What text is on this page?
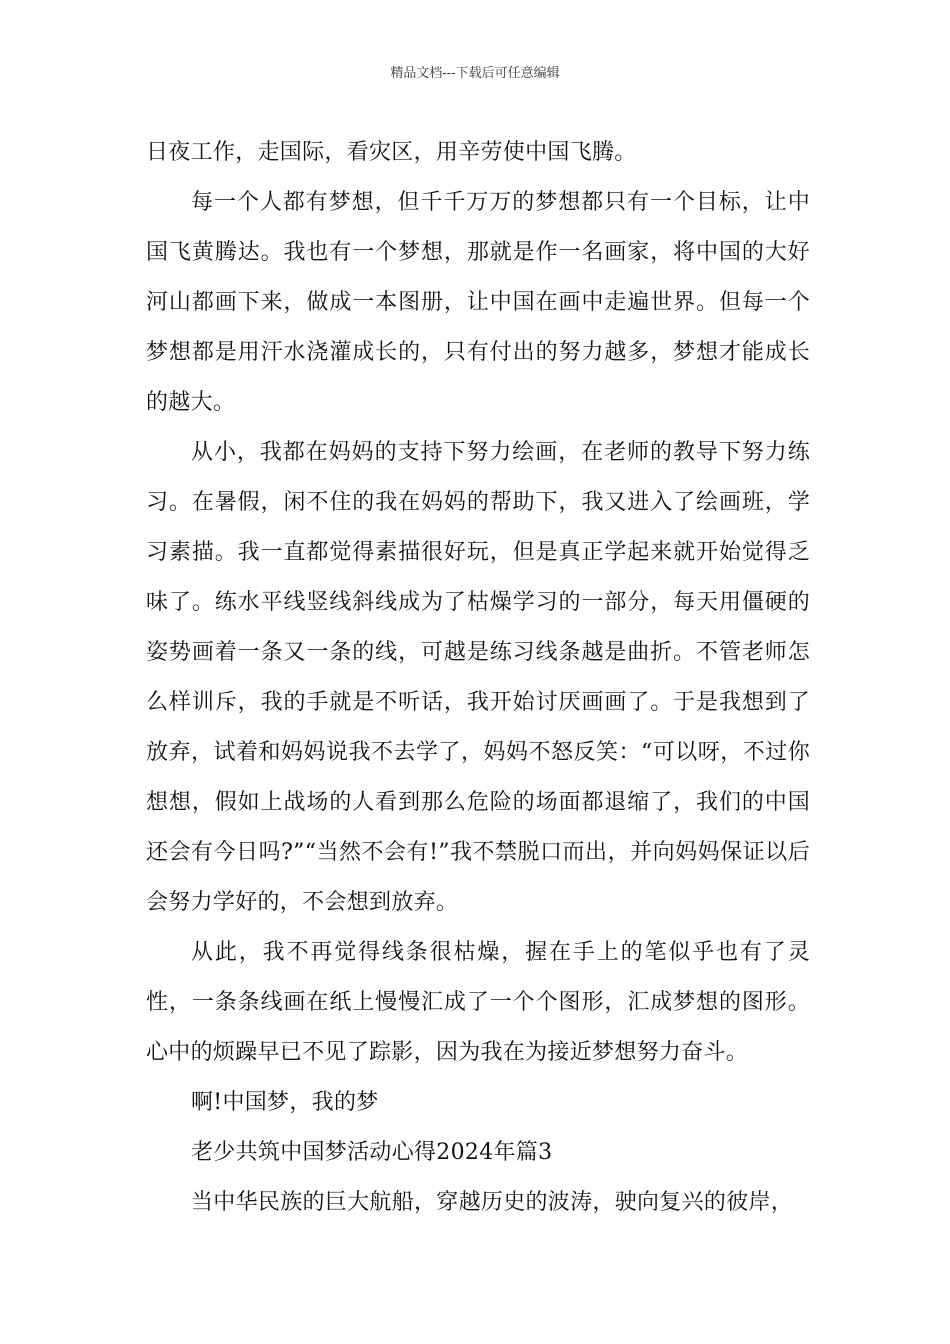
精品文档---下载后可任意编辑

日夜工作，走国际，看灾区，用辛劳使中国飞腾。

每一个人都有梦想，但千千万万的梦想都只有一个目标，让中国飞黄腾达。我也有一个梦想，那就是作一名画家，将中国的大好河山都画下来，做成一本图册，让中国在画中走遍世界。但每一个梦想都是用汗水浇灌成长的，只有付出的努力越多，梦想才能成长的越大。

从小，我都在妈妈的支持下努力绘画，在老师的教导下努力练习。在暑假，闲不住的我在妈妈的帮助下，我又进入了绘画班，学习素描。我一直都觉得素描很好玩，但是真正学起来就开始觉得乏味了。练水平线竖线斜线成为了枯燥学习的一部分，每天用僵硬的姿势画着一条又一条的线，可越是练习线条越是曲折。不管老师怎么样训斥，我的手就是不听话，我开始讨厌画画了。于是我想到了放弃，试着和妈妈说我不去学了，妈妈不怒反笑：“可以呀，不过你想想，假如上战场的人看到那么危险的场面都退缩了，我们的中国还会有今日吗?”“当然不会有!”我不禁脱口而出，并向妈妈保证以后会努力学好的，不会想到放弃。

从此，我不再觉得线条很枯燥，握在手上的笔似乎也有了灵性，一条条线画在纸上慢慢汇成了一个个图形，汇成梦想的图形。心中的烦躁早已不见了踪影，因为我在为接近梦想努力奋斗。

啊!中国梦，我的梦

老少共筑中国梦活动心得2024年篇3

当中华民族的巨大航船，穿越历史的波涛，驶向复兴的彼岸，
